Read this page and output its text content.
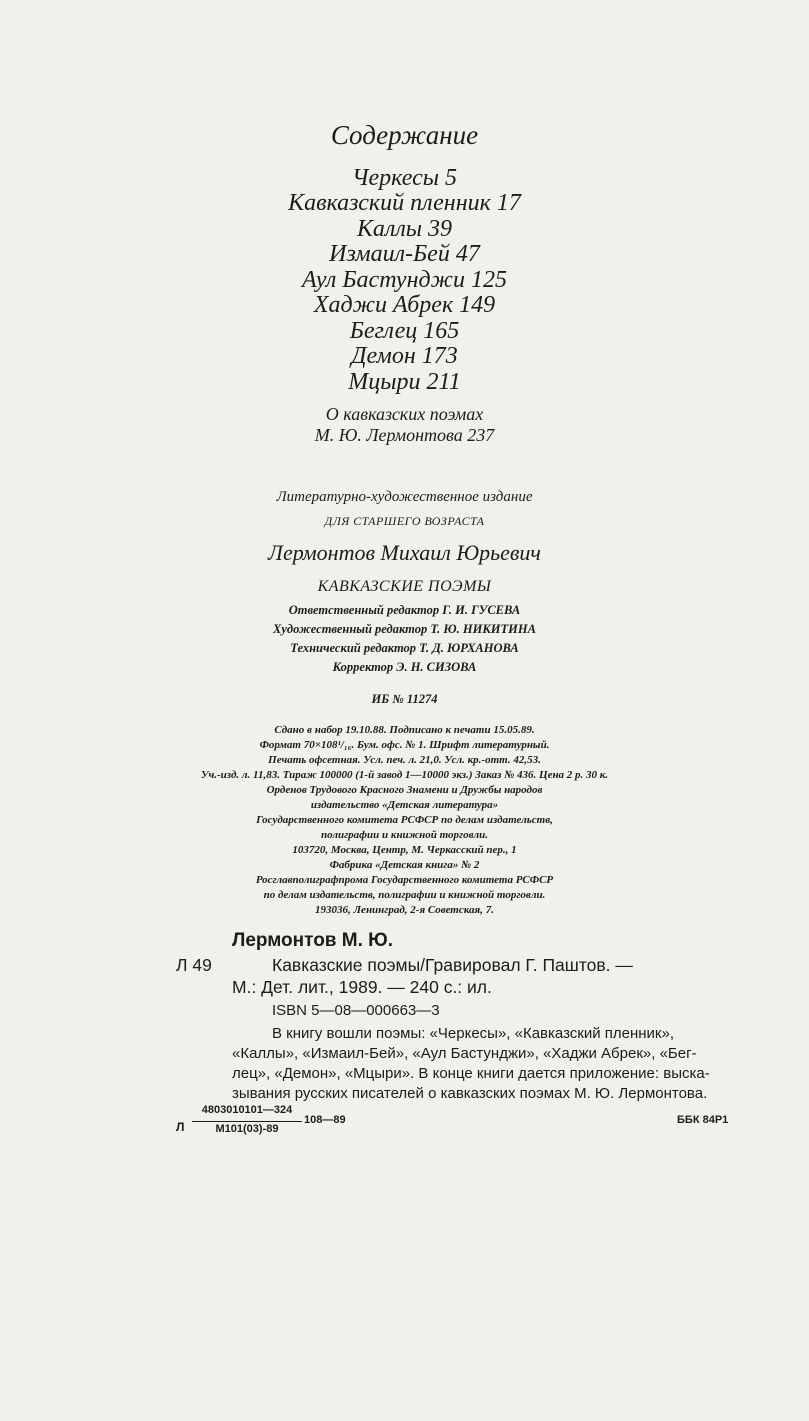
Содержание
Черкесы 5
Кавказский пленник 17
Каллы 39
Измаил-Бей 47
Аул Бастунджи 125
Хаджи Абрек 149
Беглец 165
Демон 173
Мцыри 211
О кавказских поэмах
М. Ю. Лермонтова 237
Литературно-художественное издание
ДЛЯ СТАРШЕГО ВОЗРАСТА
Лермонтов Михаил Юрьевич
КАВКАЗСКИЕ ПОЭМЫ
Ответственный редактор Г. И. ГУСЕВА
Художественный редактор Т. Ю. НИКИТИНА
Технический редактор Т. Д. ЮРХАНОВА
Корректор Э. Н. СИЗОВА
ИБ № 11274
Сдано в набор 19.10.88. Подписано к печати 15.05.89.
Формат 70×108¹/₁₆. Бум. офс. № 1. Шрифт литературный.
Печать офсетная. Усл. печ. л. 21,0. Усл. кр.-отт. 42,53.
Уч.-изд. л. 11,83. Тираж 100000 (1-й завод 1—10000 экз.) Заказ № 436. Цена 2 р. 30 к.
Орденов Трудового Красного Знамени и Дружбы народов
издательство «Детская литература»
Государственного комитета РСФСР по делам издательств,
полиграфии и книжной торговли.
103720, Москва, Центр, М. Черкасский пер., 1
Фабрика «Детская книга» № 2
Росглавполиграфпрома Государственного комитета РСФСР
по делам издательств, полиграфии и книжной торговли.
193036, Ленинград, 2-я Советская, 7.
Лермонтов М. Ю.
Л 49	Кавказские поэмы/Гравировал Г. Паштов. —
М.: Дет. лит., 1989. — 240 с.: ил.
ISBN 5—08—000663—3
В книгу вошли поэмы: «Черкесы», «Кавказский пленник»,
«Каллы», «Измаил-Бей», «Аул Бастунджи», «Хаджи Абрек», «Бег-
лец», «Демон», «Мцыри». В конце книги дается приложение: выска-
зывания русских писателей о кавказских поэмах М. Ю. Лермонтова.
Л
4803010101—324
М101(03)-89
108—89	ББК 84Р1
